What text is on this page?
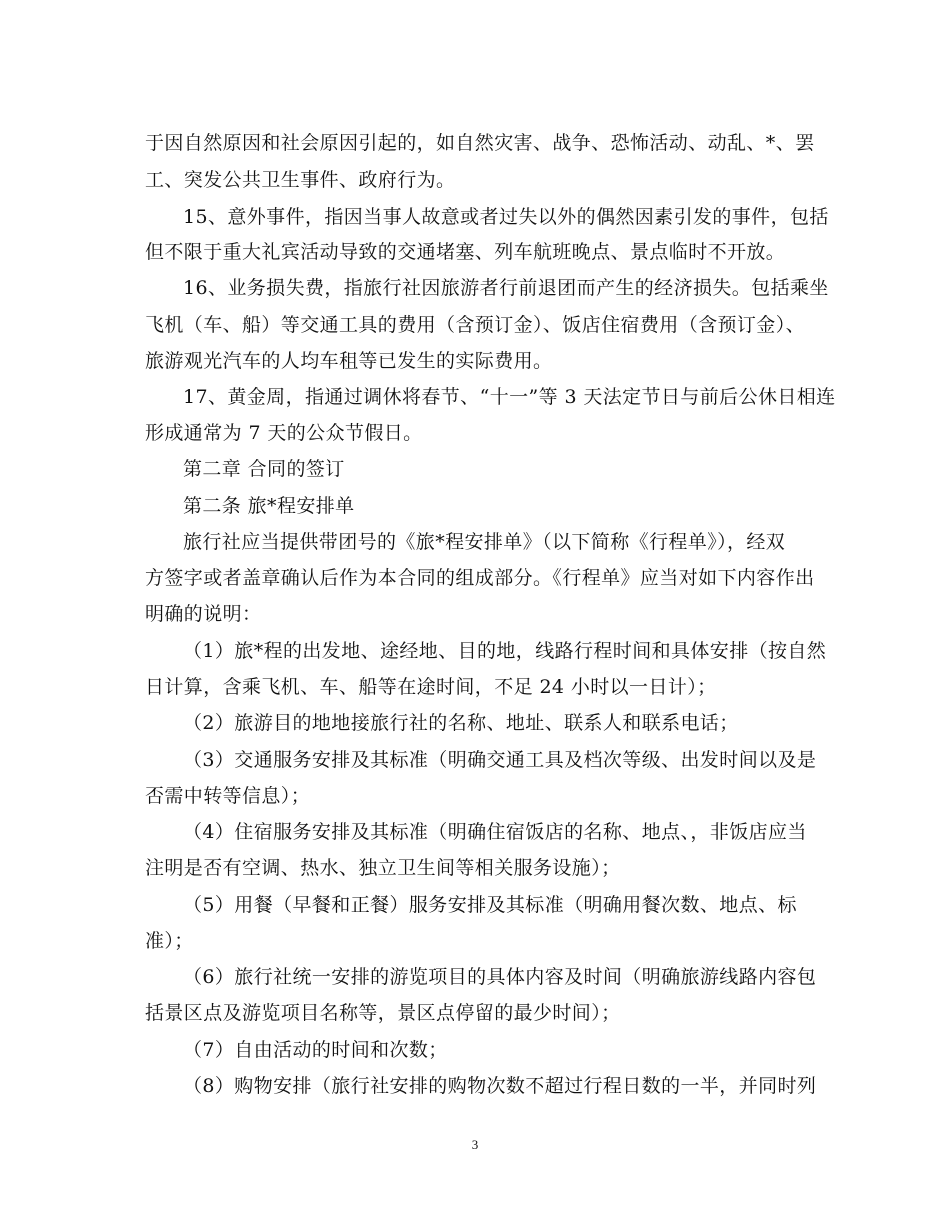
于因自然原因和社会原因引起的，如自然灾害、战争、恐怖活动、动乱、*、罢
工、突发公共卫生事件、政府行为。
15、意外事件，指因当事人故意或者过失以外的偶然因素引发的事件，包括
但不限于重大礼宾活动导致的交通堵塞、列车航班晚点、景点临时不开放。
16、业务损失费，指旅行社因旅游者行前退团而产生的经济损失。包括乘坐
飞机（车、船）等交通工具的费用（含预订金）、饭店住宿费用（含预订金）、
旅游观光汽车的人均车租等已发生的实际费用。
17、黄金周，指通过调休将春节、“十一”等 3 天法定节日与前后公休日相连
形成通常为 7 天的公众节假日。
第二章 合同的签订
第二条 旅*程安排单
旅行社应当提供带团号的《旅*程安排单》（以下简称《行程单》），经双
方签字或者盖章确认后作为本合同的组成部分。《行程单》应当对如下内容作出
明确的说明：
（1）旅*程的出发地、途经地、目的地，线路行程时间和具体安排（按自然
日计算，含乘飞机、车、船等在途时间，不足 24 小时以一日计）；
（2）旅游目的地地接旅行社的名称、地址、联系人和联系电话；
（3）交通服务安排及其标准（明确交通工具及档次等级、出发时间以及是
否需中转等信息）；
（4）住宿服务安排及其标准（明确住宿饭店的名称、地点、，非饭店应当
注明是否有空调、热水、独立卫生间等相关服务设施）；
（5）用餐（早餐和正餐）服务安排及其标准（明确用餐次数、地点、标
准）；
（6）旅行社统一安排的游览项目的具体内容及时间（明确旅游线路内容包
括景区点及游览项目名称等，景区点停留的最少时间）；
（7）自由活动的时间和次数；
（8）购物安排（旅行社安排的购物次数不超过行程日数的一半，并同时列
3
